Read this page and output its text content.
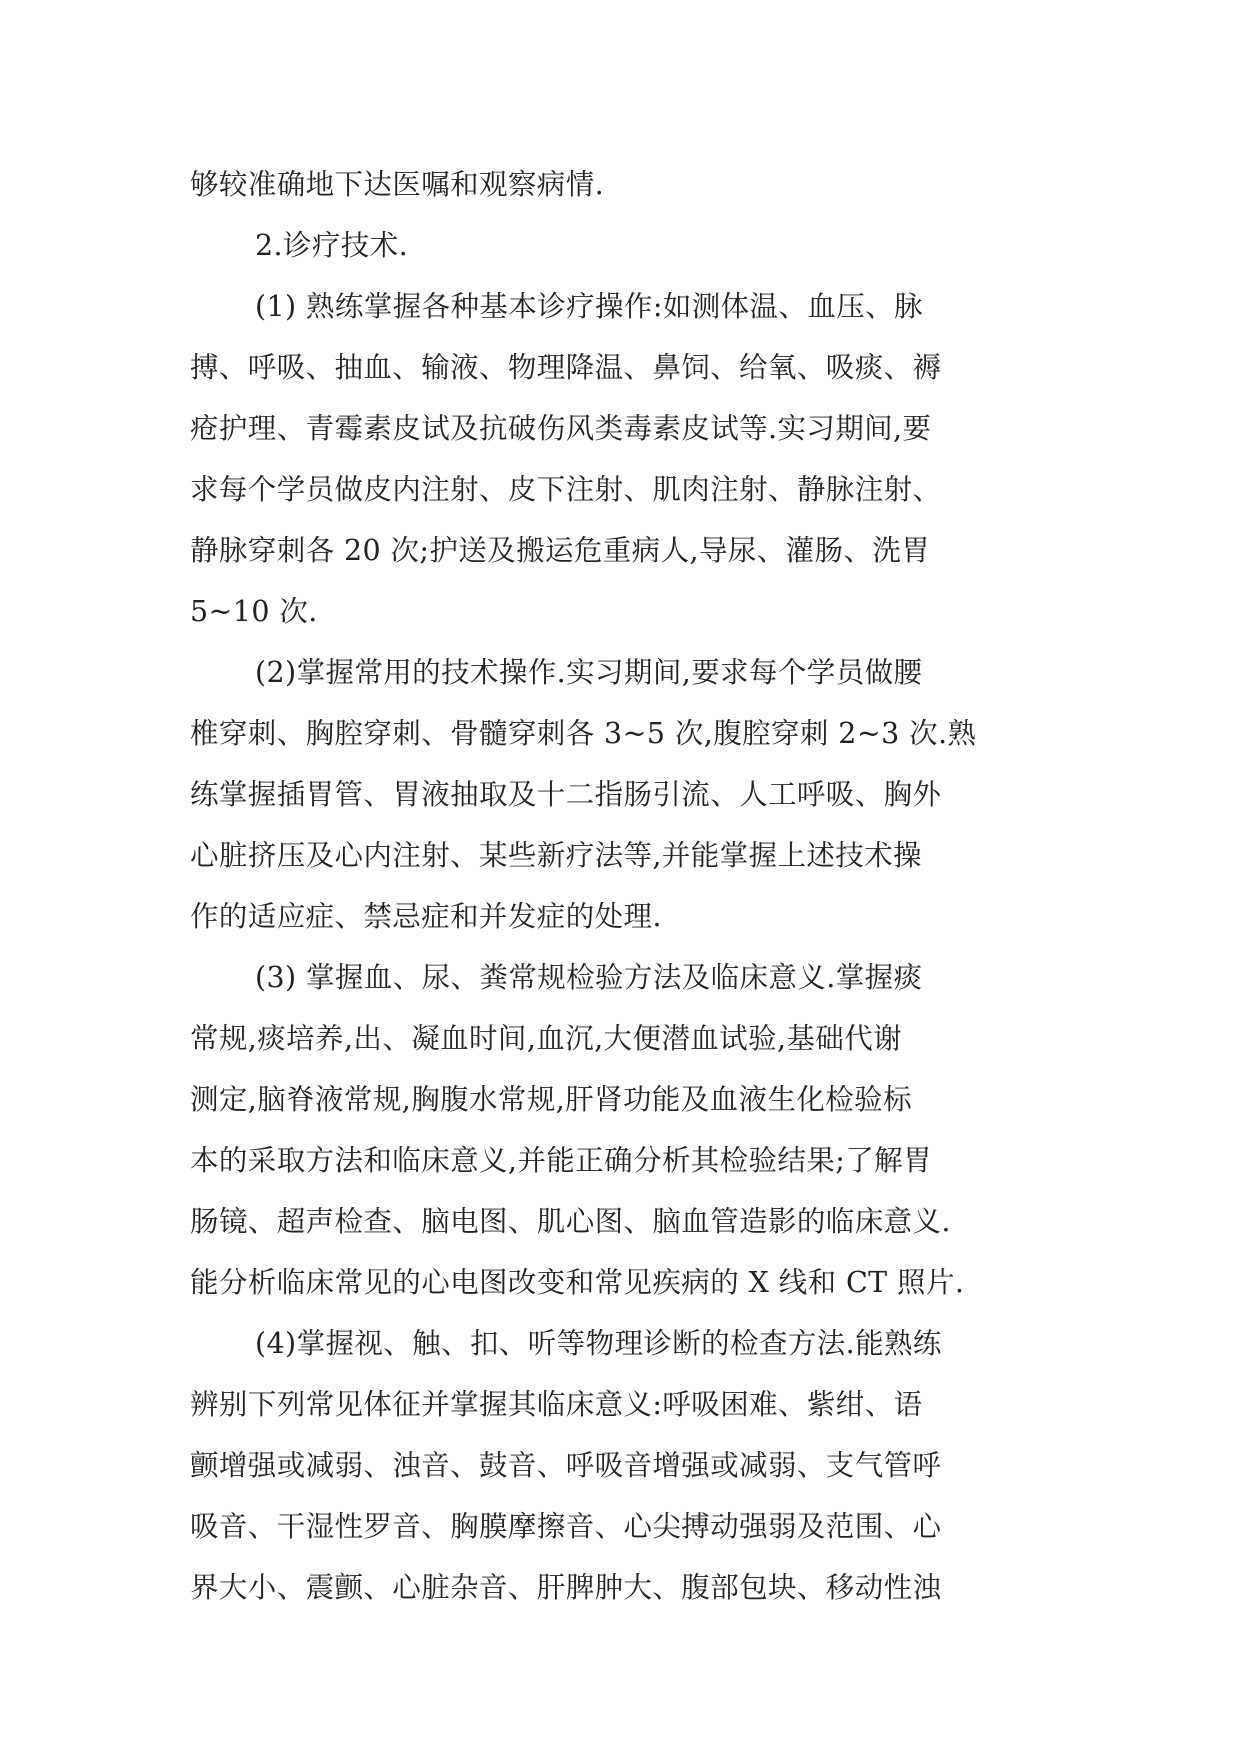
够较准确地下达医嘱和观察病情.
2.诊疗技术.
(1) 熟练掌握各种基本诊疗操作:如测体温、血压、脉
搏、呼吸、抽血、输液、物理降温、鼻饲、给氧、吸痰、褥
疮护理、青霉素皮试及抗破伤风类毒素皮试等.实习期间,要
求每个学员做皮内注射、皮下注射、肌肉注射、静脉注射、
静脉穿刺各 20 次;护送及搬运危重病人,导尿、灌肠、洗胃
5~10 次.
(2)掌握常用的技术操作.实习期间,要求每个学员做腰
椎穿刺、胸腔穿刺、骨髓穿刺各 3~5 次,腹腔穿刺 2~3 次.熟
练掌握插胃管、胃液抽取及十二指肠引流、人工呼吸、胸外
心脏挤压及心内注射、某些新疗法等,并能掌握上述技术操
作的适应症、禁忌症和并发症的处理.
(3) 掌握血、尿、粪常规检验方法及临床意义.掌握痰
常规,痰培养,出、凝血时间,血沉,大便潜血试验,基础代谢
测定,脑脊液常规,胸腹水常规,肝肾功能及血液生化检验标
本的采取方法和临床意义,并能正确分析其检验结果;了解胃
肠镜、超声检查、脑电图、肌心图、脑血管造影的临床意义.
能分析临床常见的心电图改变和常见疾病的 X 线和 CT 照片.
(4)掌握视、触、扣、听等物理诊断的检查方法.能熟练
辨别下列常见体征并掌握其临床意义:呼吸困难、紫绀、语
颤增强或减弱、浊音、鼓音、呼吸音增强或减弱、支气管呼
吸音、干湿性罗音、胸膜摩擦音、心尖搏动强弱及范围、心
界大小、震颤、心脏杂音、肝脾肿大、腹部包块、移动性浊
